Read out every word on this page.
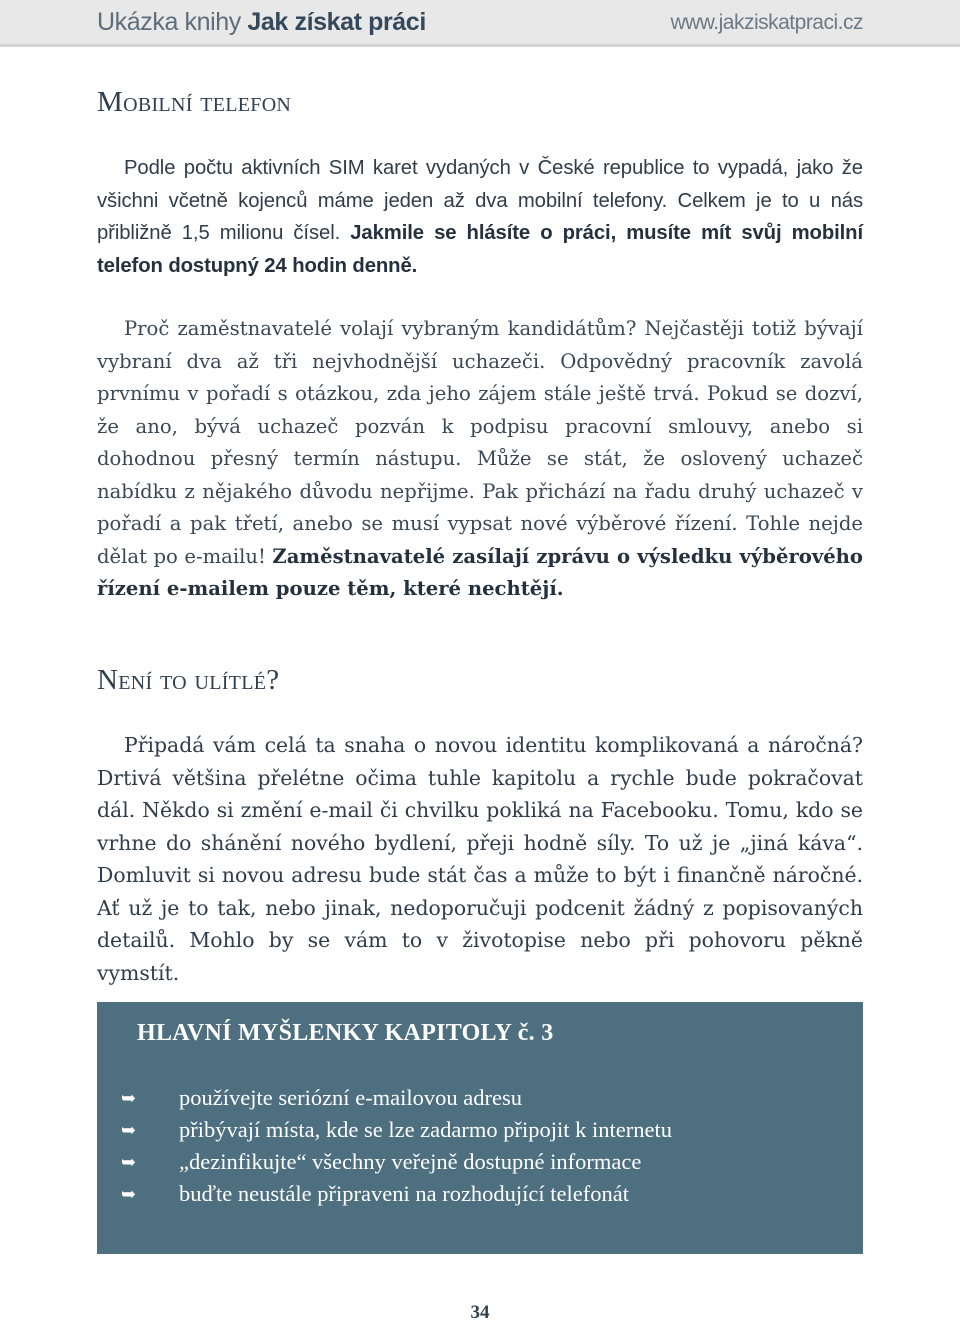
Ukázka knihy Jak získat práci	www.jakziskatpraci.cz
Mobilní telefon

Podle počtu aktivních SIM karet vydaných v České republice to vypadá, jako že všichni včetně kojenců máme jeden až dva mobilní telefony. Celkem je to u nás přibližně 1,5 milionu čísel. Jakmile se hlásíte o práci, musíte mít svůj mobilní telefon dostupný 24 hodin denně.

Proč zaměstnavatelé volají vybraným kandidátům? Nejčastěji totiž bývají vybraní dva až tři nejvhodnější uchazeči. Odpovědný pracovník zavolá prvnímu v pořadí s otázkou, zda jeho zájem stále ještě trvá. Pokud se dozví, že ano, bývá uchazeč pozván k podpisu pracovní smlouvy, anebo si dohodnou přesný termín nástupu. Může se stát, že oslovený uchazeč nabídku z nějakého důvodu nepřijme. Pak přichází na řadu druhý uchazeč v pořadí a pak třetí, anebo se musí vypsat nové výběrové řízení. Tohle nejde dělat po e-mailu! Zaměstnavatelé zasílají zprávu o výsledku výběrového řízení e-mailem pouze těm, které nechtějí.

Není to ulítlé?

Připadá vám celá ta snaha o novou identitu komplikovaná a náročná? Drtivá většina přelétne očima tuhle kapitolu a rychle bude pokračovat dál. Někdo si změní e-mail či chvilku pokliká na Facebooku. Tomu, kdo se vrhne do shánění nového bydlení, přeji hodně síly. To už je „jiná káva“. Domluvit si novou adresu bude stát čas a může to být i finančně náročné. Ať už je to tak, nebo jinak, nedoporučuji podcenit žádný z popisovaných detailů. Mohlo by se vám to v životopise nebo při pohovoru pěkně vymstít.

HLAVNÍ MYŠLENKY KAPITOLY č. 3
➥	používejte seriózní e-mailovou adresu
➥	přibývají místa, kde se lze zadarmo připojit k internetu
➥	„dezinfikujte“ všechny veřejně dostupné informace
➥	buďte neustále připraveni na rozhodující telefonát
34
